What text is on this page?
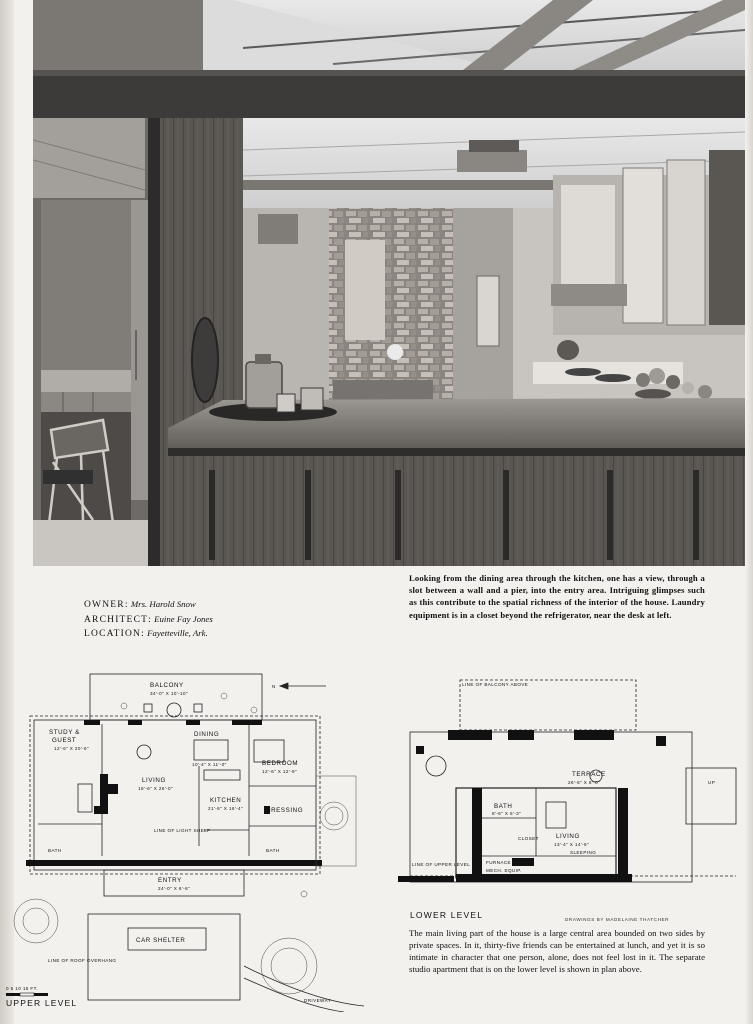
Looking from the dining area through the kitchen, one has a view, through a slot between a wall and a pier, into the entry area. Intriguing glimpses such as this contribute to the spatial richness of the interior of the house. Laundry equipment is in a closet beyond the refrigerator, near the desk at left.
OWNER: Mrs. Harold Snow
ARCHITECT: Euine Fay Jones
LOCATION: Fayetteville, Ark.
BALCONY
34'-0" X 10'-10"
N
STUDY &
GUEST
12'-6" X 20'-6"
DINING
10'-4" X 11'-0"
LIVING
18'-6" X 26'-0"
BEDROOM
12'-6" X 12'-9"
KITCHEN
21'-6" X 16'-4"	DRESSING
LINE OF LIGHT SHELF
BATH	BATH
ENTRY
24'-0" X 6'-6"
CAR SHELTER
LINE OF ROOF OVERHANG
DRIVEWAY
0 5 10 15 FT.
UPPER LEVEL
LINE OF BALCONY ABOVE
TERRACE
26'-6" X 8'-0"	UP
BATH
8'-6" X 5'-3"
CLOSET	LIVING
13'-4" X 14'-6"
SLEEPING
FURNACE
MECH. EQUIP.
LINE OF UPPER LEVEL
LOWER LEVEL	DRAWINGS BY MADELAINE THATCHER
The main living part of the house is a large central area bounded on two sides by private spaces. In it, thirty-five friends can be entertained at lunch, and yet it is so intimate in character that one person, alone, does not feel lost in it. The separate studio apartment that is on the lower level is shown in plan above.
